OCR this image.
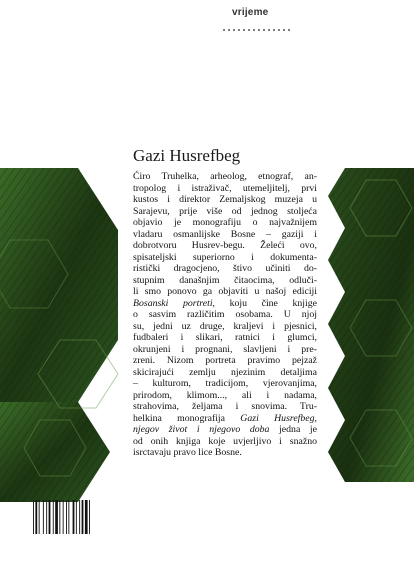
vrijeme
Gazi Husrefbeg
Ćiro Truhelka, arheolog, etnograf, an-
tropolog i istraživač, utemeljitelj, prvi
kustos i direktor Zemaljskog muzeja u
Sarajevu, prije više od jednog stoljeća
objavio je monografiju o najvažnijem
vladaru osmanlijske Bosne – gaziji i
dobrotvoru Husrev-begu. Želeći ovo,
spisateljski superiorno i dokumenta-
ristički dragocjeno, štivo učiniti do-
stupnim današnjim čitaocima, odluči-
li smo ponovo ga objaviti u našoj ediciji
Bosanski portreti, koju čine knjige
o sasvim različitim osobama. U njoj
su, jedni uz druge, kraljevi i pjesnici,
fudbaleri i slikari, ratnici i glumci,
okrunjeni i prognani, slavljeni i pre-
zreni. Nizom portreta pravimo pejzaž
skicirajući zemlju njezinim detaljima
– kulturom, tradicijom, vjerovanjima,
prirodom, klimom..., ali i nadama,
strahovima, željama i snovima. Tru-
helkina monografija Gazi Husrefbeg,
njegov život i njegovo doba jedna je
od onih knjiga koje uvjerljivo i snažno
isrctavaju pravo lice Bosne.
